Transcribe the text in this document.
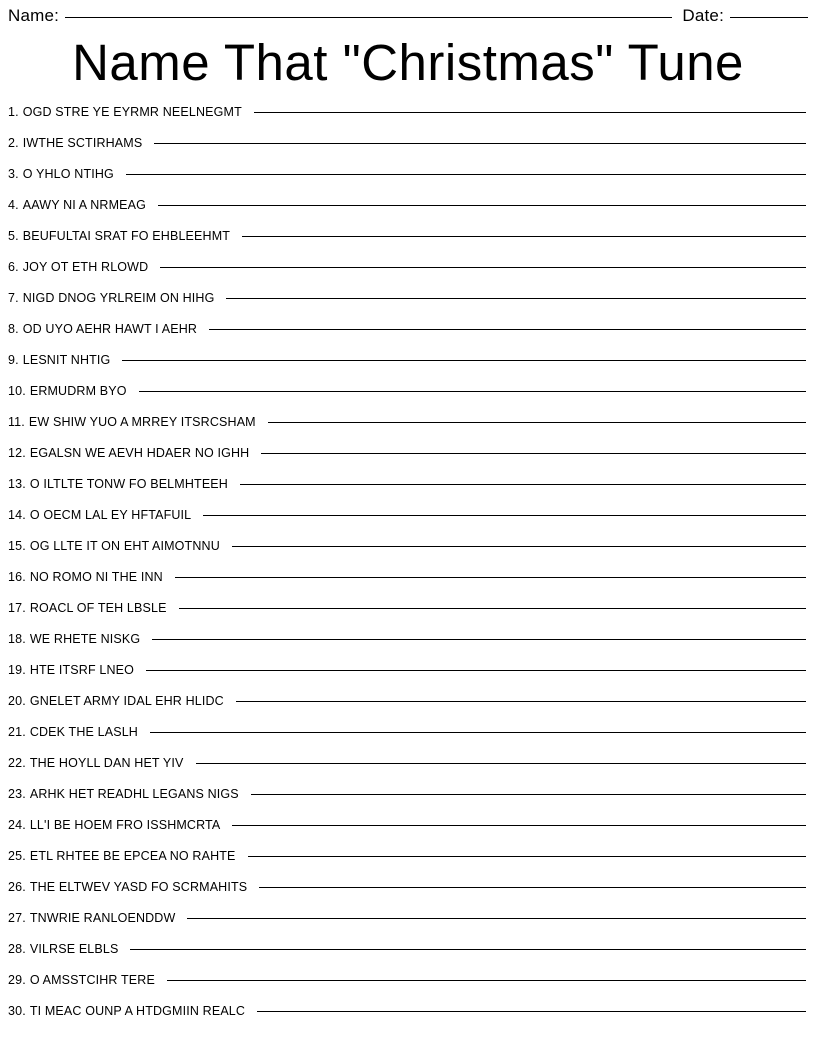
Name:	Date:
Name That "Christmas" Tune
1. OGD STRE YE EYRMR NEELNEGMT
2. IWTHE SCTIRHAMS
3. O YHLO NTIHG
4. AAWY NI A NRMEAG
5. BEUFULTAI SRAT FO EHBLEEHMT
6. JOY OT ETH RLOWD
7. NIGD DNOG YRLREIM ON HIHG
8. OD UYO AEHR HAWT I AEHR
9. LESNIT NHTIG
10. ERMUDRM BYO
11. EW SHIW YUO A MRREY ITSRCSHAM
12. EGALSN WE AEVH HDAER NO IGHH
13. O ILTLTE TONW FO BELMHTEEH
14. O OECM LAL EY HFTAFUIL
15. OG LLTE IT ON EHT AIMOTNNU
16. NO ROMO NI THE INN
17. ROACL OF TEH LBSLE
18. WE RHETE NISKG
19. HTE ITSRF LNEO
20. GNELET ARMY IDAL EHR HLIDC
21. CDEK THE LASLH
22. THE HOYLL DAN HET YIV
23. ARHK HET READHL LEGANS NIGS
24. LL'I BE HOEM FRO ISSHMCRTA
25. ETL RHTEE BE EPCEA NO RAHTE
26. THE ELTWEV YASD FO SCRMAHITS
27. TNWRIE RANLOENDDW
28. VILRSE ELBLS
29. O AMSSTCIHR TERE
30. TI MEAC OUNP A HTDGMIIN REALC
